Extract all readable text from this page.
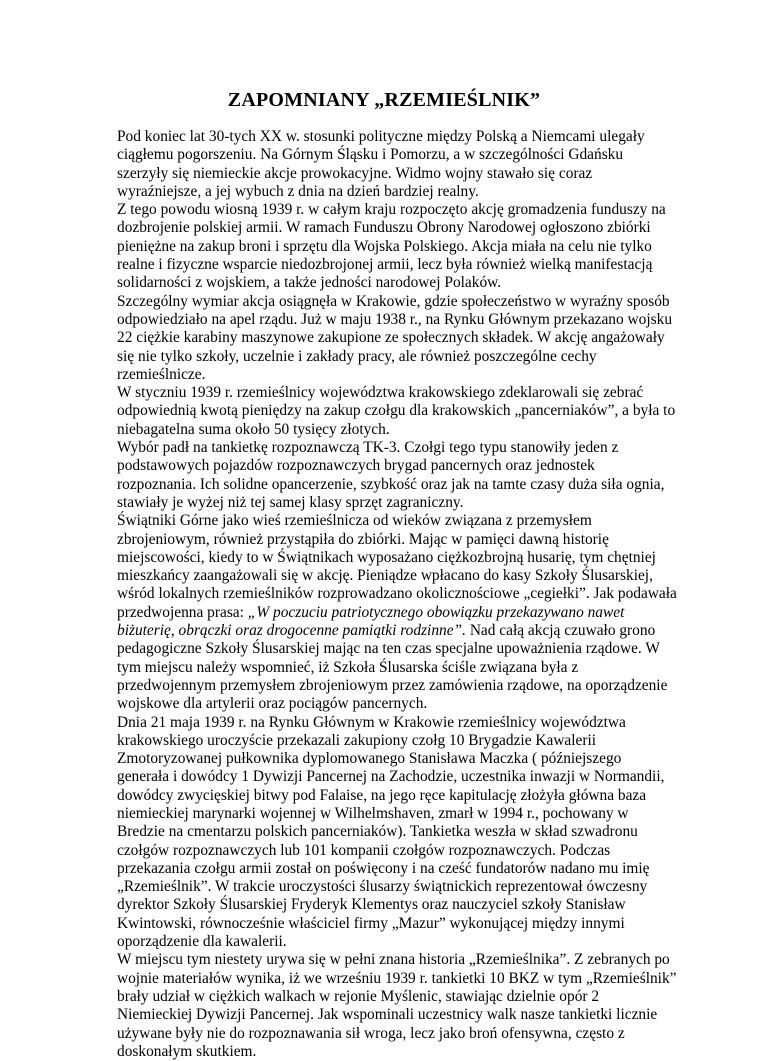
ZAPOMNIANY „RZEMIEŚLNIK”

Pod koniec lat 30-tych XX w. stosunki polityczne między Polską a Niemcami ulegały ciągłemu pogorszeniu. Na Górnym Śląsku i Pomorzu, a w szczególności Gdańsku szerzyły się niemieckie akcje prowokacyjne. Widmo wojny stawało się coraz wyraźniejsze, a jej wybuch z dnia na dzień bardziej realny.

Z tego powodu wiosną 1939 r. w całym kraju rozpoczęto akcję gromadzenia funduszy na dozbrojenie polskiej armii. W ramach Funduszu Obrony Narodowej ogłoszono zbiórki pieniężne na zakup broni i sprzętu dla Wojska Polskiego. Akcja miała na celu nie tylko realne i fizyczne wsparcie niedozbrojonej armii, lecz była również wielką manifestacją solidarności z wojskiem, a także jedności narodowej Polaków.

Szczególny wymiar akcja osiągnęła w Krakowie, gdzie społeczeństwo w wyraźny sposób odpowiedziało na apel rządu. Już w maju 1938 r., na Rynku Głównym przekazano wojsku 22 ciężkie karabiny maszynowe zakupione ze społecznych składek. W akcję angażowały się nie tylko szkoły, uczelnie i zakłady pracy, ale również poszczególne cechy rzemieślnicze.

W styczniu 1939 r. rzemieślnicy województwa krakowskiego zdeklarowali się zebrać odpowiednią kwotą pieniędzy na zakup czołgu dla krakowskich „pancerniaków”, a była to niebagatelna suma około 50 tysięcy złotych.

Wybór padł na tankietkę rozpoznawczą TK-3. Czołgi tego typu stanowiły jeden z podstawowych pojazdów rozpoznawczych brygad pancernych oraz jednostek rozpoznania. Ich solidne opancerzenie, szybkość oraz jak na tamte czasy duża siła ognia, stawiały je wyżej niż tej samej klasy sprzęt zagraniczny.

Świątniki Górne jako wieś rzemieślnicza od wieków związana z przemysłem zbrojeniowym, również przystąpiła do zbiórki. Mając w pamięci dawną historię miejscowości, kiedy to w Świątnikach wyposażano ciężkozbrojną husarię, tym chętniej mieszkańcy zaangażowali się w akcję. Pieniądze wpłacano do kasy Szkoły Ślusarskiej, wśród lokalnych rzemieślników rozprowadzano okolicznościowe „cegiełki”. Jak podawała przedwojenna prasa: „W poczuciu patriotycznego obowiązku przekazywano nawet biżuterię, obrączki oraz drogocenne pamiątki rodzinne”. Nad całą akcją czuwało grono pedagogiczne Szkoły Ślusarskiej mając na ten czas specjalne upoważnienia rządowe. W tym miejscu należy wspomnieć, iż Szkoła Ślusarska ściśle związana była z przedwojennym przemysłem zbrojeniowym przez zamówienia rządowe, na oporządzenie wojskowe dla artylerii oraz pociągów pancernych.

Dnia 21 maja 1939 r. na Rynku Głównym w Krakowie rzemieślnicy województwa krakowskiego uroczyście przekazali zakupiony czołg 10 Brygadzie Kawalerii Zmotoryzowanej pułkownika dyplomowanego Stanisława Maczka ( późniejszego generała i dowódcy 1 Dywizji Pancernej na Zachodzie, uczestnika inwazji w Normandii, dowódcy zwycięskiej bitwy pod Falaise, na jego ręce kapitulację złożyła główna baza niemieckiej marynarki wojennej w Wilhelmshaven, zmarł w 1994 r., pochowany w Bredzie na cmentarzu polskich pancerniaków). Tankietka weszła w skład szwadronu czołgów rozpoznawczych lub 101 kompanii czołgów rozpoznawczych. Podczas przekazania czołgu armii został on poświęcony i na cześć fundatorów nadano mu imię „Rzemieślnik”. W trakcie uroczystości ślusarzy świątnickich reprezentował ówczesny dyrektor Szkoły Ślusarskiej Fryderyk Klementys oraz nauczyciel szkoły Stanisław Kwintowski, równocześnie właściciel firmy „Mazur” wykonującej między innymi oporządzenie dla kawalerii.

W miejscu tym niestety urywa się w pełni znana historia „Rzemieślnika”. Z zebranych po wojnie materiałów wynika, iż we wrześniu 1939 r. tankietki 10 BKZ w tym „Rzemieślnik” brały udział w ciężkich walkach w rejonie Myślenic, stawiając dzielnie opór 2 Niemieckiej Dywizji Pancernej. Jak wspominali uczestnicy walk nasze tankietki licznie używane były nie do rozpoznawania sił wroga, lecz jako broń ofensywna, często z doskonałym skutkiem.
